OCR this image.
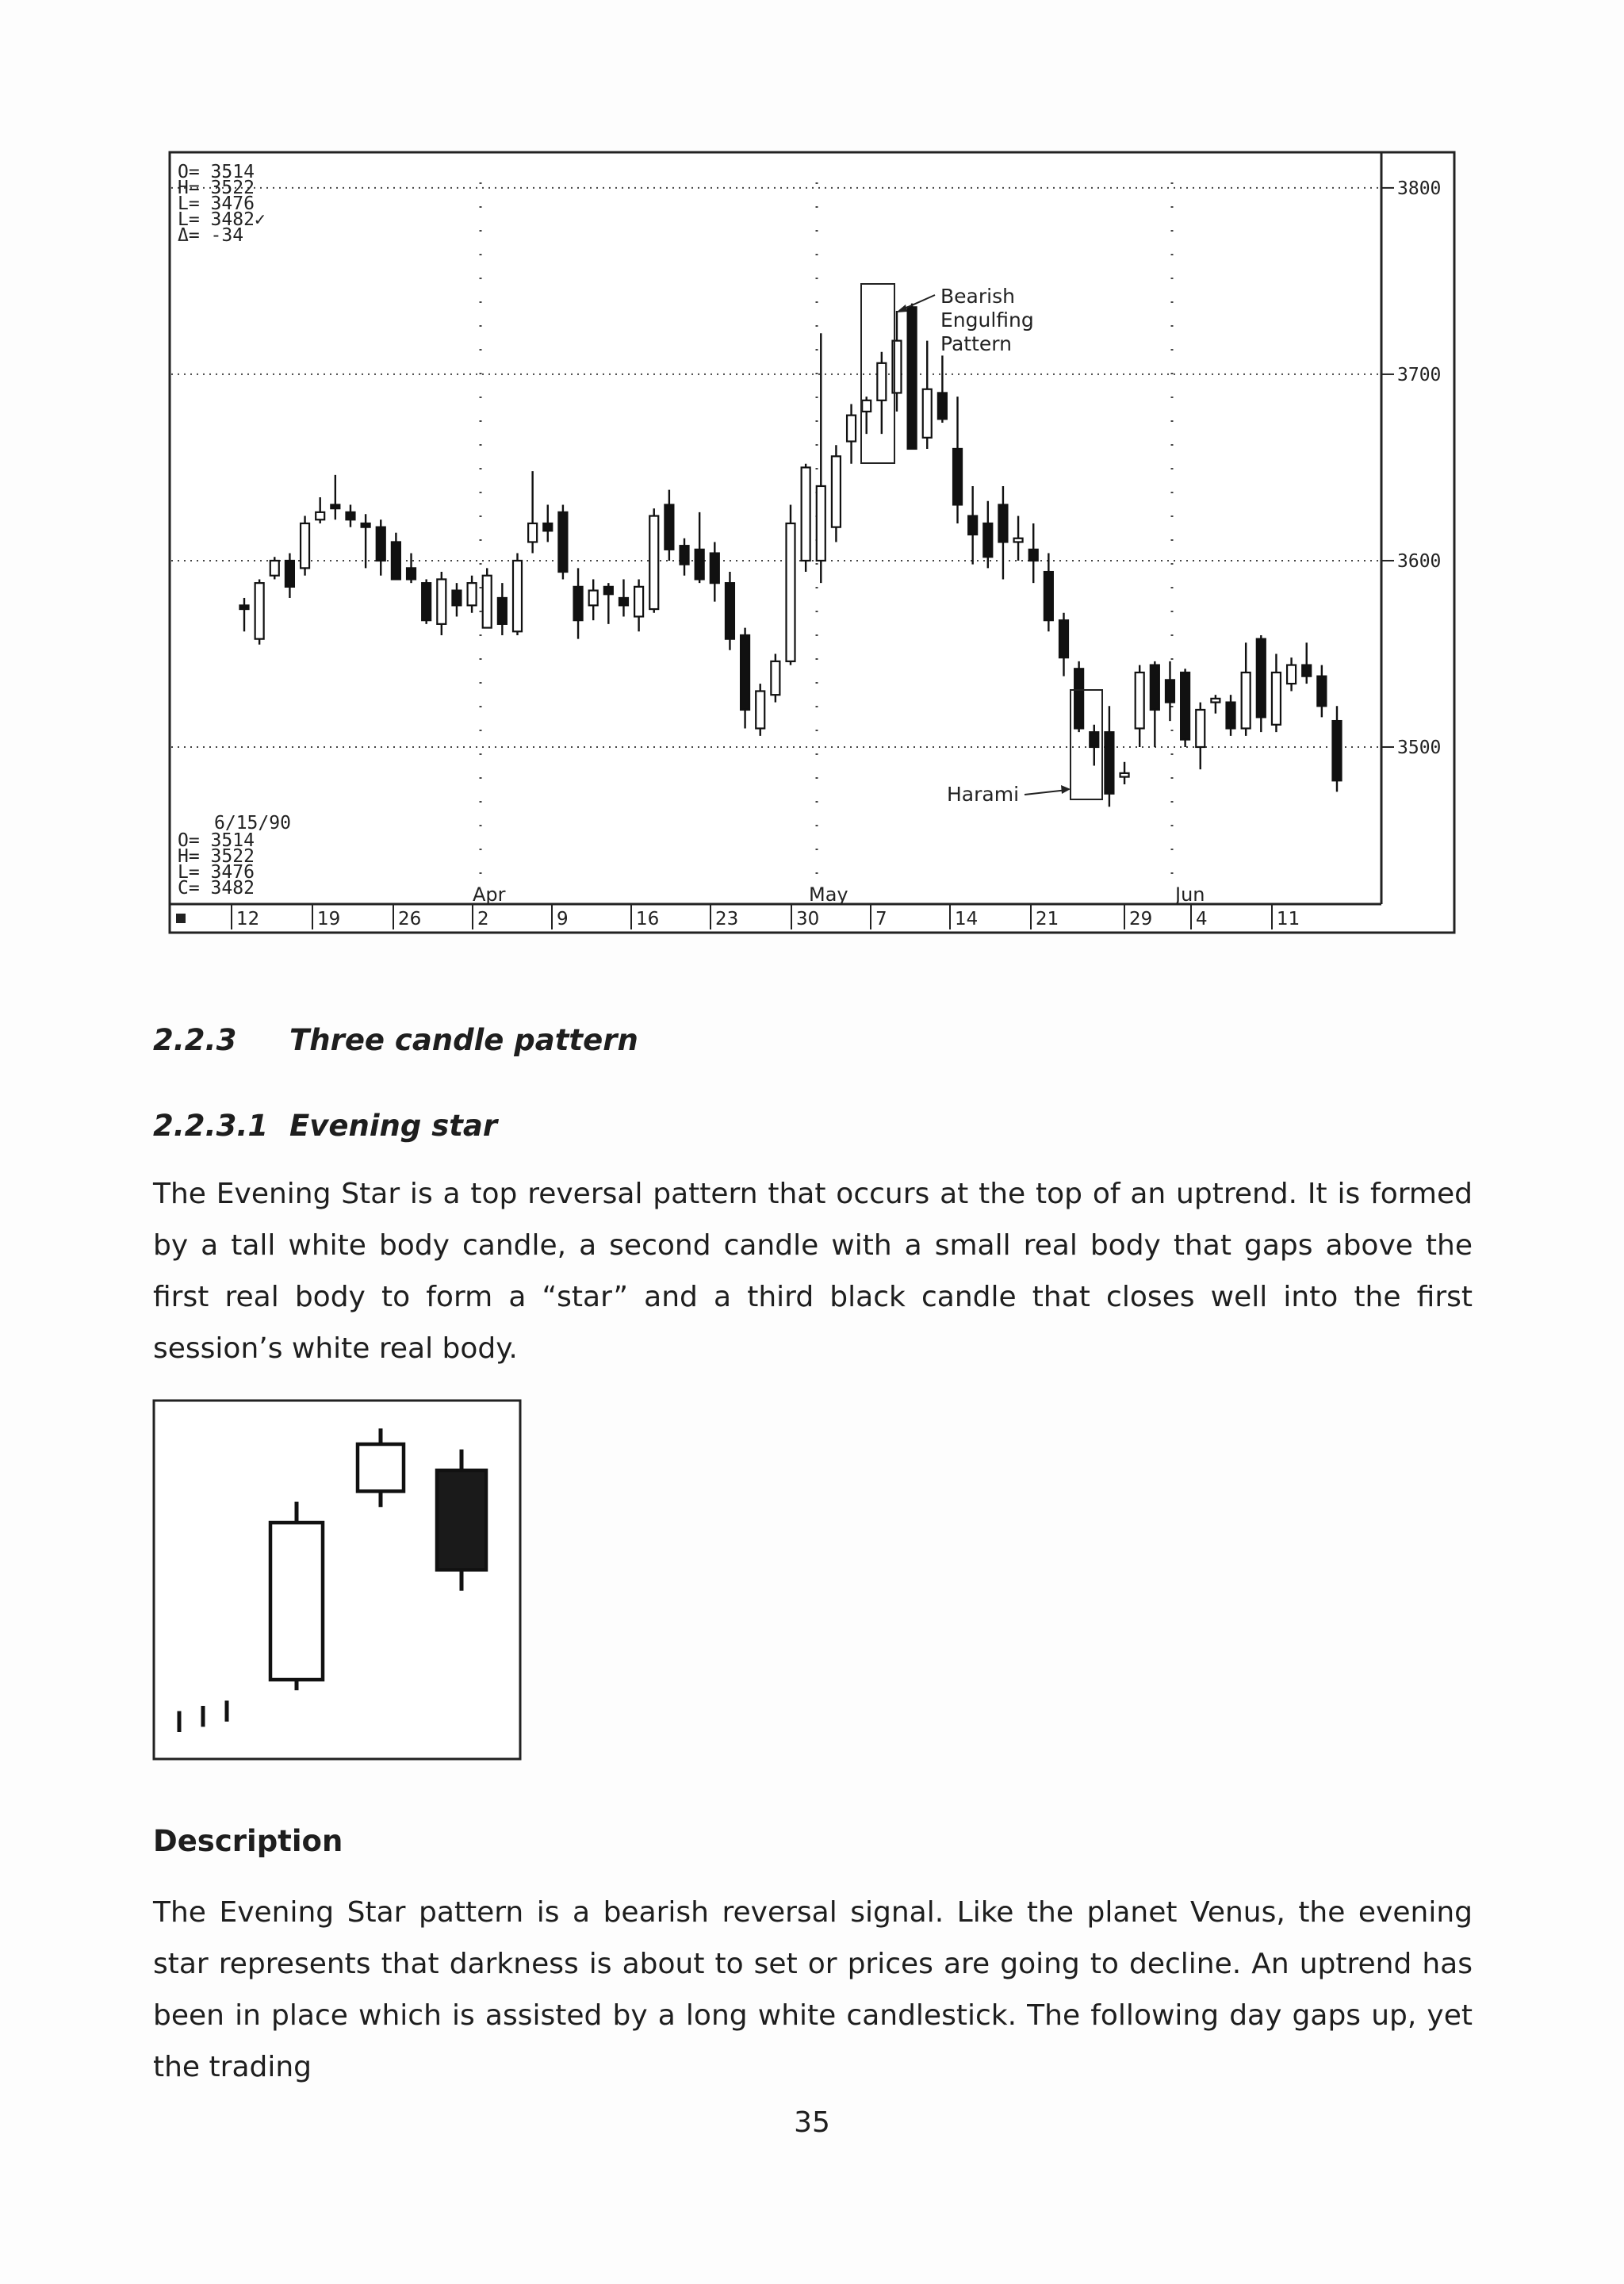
3800
3700
3600
3500
12	19	26	2	9	16	23	30	7	14	21	29 4	11
O= 3514
H= 3522
L= 3476
L= 3482✓
Δ= -34
6/15/90
O= 3514
H= 3522
L= 3476
C= 3482	Apr	May	Jun
Bearish
Engulfing
Pattern
Harami
2.2.3 Three candle pattern
2.2.3.1 Evening star

The Evening Star is a top reversal pattern that occurs at the top of an uptrend. It is formed by a tall white body candle, a second candle with a small real body that gaps above the first real body to form a “star” and a third black candle that closes well into the first session’s white real body.

Description

The Evening Star pattern is a bearish reversal signal. Like the planet Venus, the evening star represents that darkness is about to set or prices are going to decline. An uptrend has been in place which is assisted by a long white candlestick. The following day gaps up, yet the trading

35
